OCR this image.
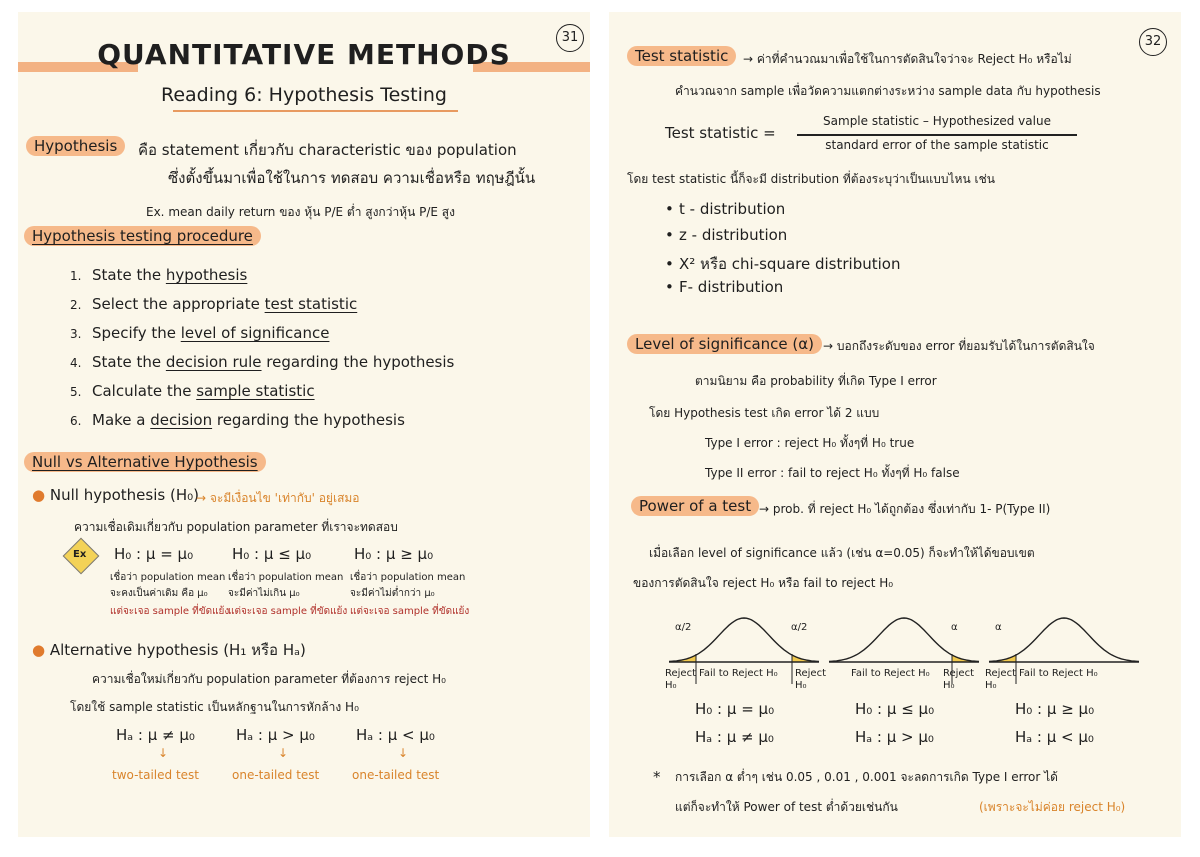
31
QUANTITATIVE METHODS
Reading 6: Hypothesis Testing
Hypothesis	คือ statement เกี่ยวกับ characteristic ของ population
ซึ่งตั้งขึ้นมาเพื่อใช้ในการ ทดสอบ ความเชื่อหรือ ทฤษฎีนั้น
Ex. mean daily return ของ หุ้น P/E ต่ำ สูงกว่าหุ้น P/E สูง
Hypothesis testing procedure
1. State the hypothesis
2. Select the appropriate test statistic
3. Specify the level of significance
4. State the decision rule regarding the hypothesis
5. Calculate the sample statistic
6. Make a decision regarding the hypothesis
Null vs Alternative Hypothesis
● Null hypothesis (H₀)
→ จะมีเงื่อนไข 'เท่ากับ' อยู่เสมอ
ความเชื่อเดิมเกี่ยวกับ population parameter ที่เราจะทดสอบ
Ex H₀ : µ = µ₀
เชื่อว่า population mean
จะคงเป็นค่าเดิม คือ µ₀
แต่จะเจอ sample ที่ขัดแย้ง
H₀ : µ ≤ µ₀
เชื่อว่า population mean
จะมีค่าไม่เกิน µ₀
แต่จะเจอ sample ที่ขัดแย้ง
H₀ : µ ≥ µ₀
เชื่อว่า population mean
จะมีค่าไม่ต่ำกว่า µ₀
แต่จะเจอ sample ที่ขัดแย้ง
● Alternative hypothesis (H₁ หรือ Hₐ)
ความเชื่อใหม่เกี่ยวกับ population parameter ที่ต้องการ reject H₀
โดยใช้ sample statistic เป็นหลักฐานในการหักล้าง H₀
Hₐ : µ ≠ µ₀
↓
two-tailed test
Hₐ : µ > µ₀
↓
one-tailed test
Hₐ : µ < µ₀
↓
one-tailed test
32
Test statistic	→ ค่าที่คำนวณมาเพื่อใช้ในการตัดสินใจว่าจะ Reject H₀ หรือไม่
คำนวณจาก sample เพื่อวัดความแตกต่างระหว่าง sample data กับ hypothesis
Test statistic =
Sample statistic – Hypothesized value
standard error of the sample statistic
โดย test statistic นี้ก็จะมี distribution ที่ต้องระบุว่าเป็นแบบไหน เช่น
• t - distribution
• z - distribution
• X² หรือ chi-square distribution
• F- distribution
Level of significance (α) → บอกถึงระดับของ error ที่ยอมรับได้ในการตัดสินใจ
ตามนิยาม คือ probability ที่เกิด Type I error
โดย Hypothesis test เกิด error ได้ 2 แบบ
Type I error : reject H₀ ทั้งๆที่ H₀ true
Type II error : fail to reject H₀ ทั้งๆที่ H₀ false
Power of a test → prob. ที่ reject H₀ ได้ถูกต้อง ซึ่งเท่ากับ 1- P(Type II)
เมื่อเลือก level of significance แล้ว (เช่น α=0.05) ก็จะทำให้ได้ขอบเขต
ของการตัดสินใจ reject H₀ หรือ fail to reject H₀
α/2	α/2
Reject H₀
Reject H₀
Fail to Reject H₀
H₀ : µ = µ₀
Hₐ : µ ≠ µ₀
α
Reject H₀
Fail to Reject H₀
H₀ : µ ≤ µ₀
Hₐ : µ > µ₀
α
Reject H₀
Fail to Reject H₀
H₀ : µ ≥ µ₀
Hₐ : µ < µ₀
* การเลือก α ต่ำๆ เช่น 0.05 , 0.01 , 0.001 จะลดการเกิด Type I error ได้
แต่ก็จะทำให้ Power of test ต่ำด้วยเช่นกัน	(เพราะจะไม่ค่อย reject H₀)
